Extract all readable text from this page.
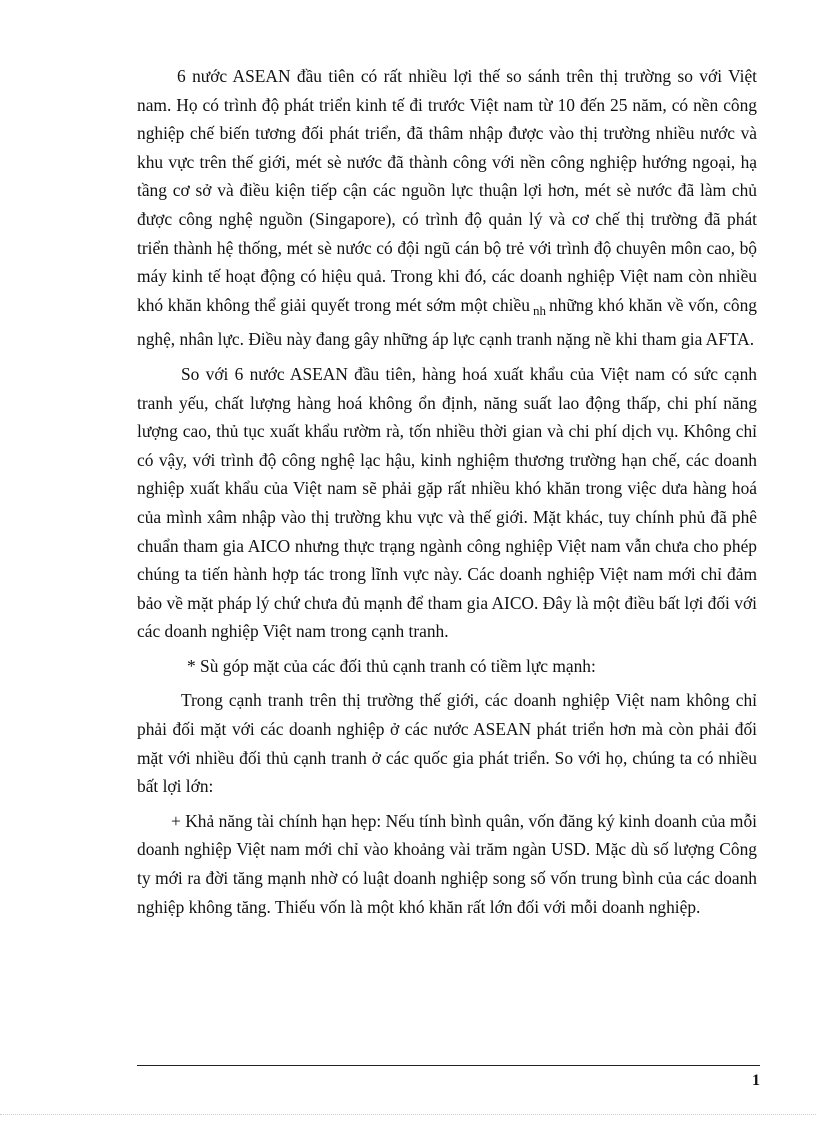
6 nước ASEAN đầu tiên có rất nhiều lợi thế so sánh trên thị trường so với Việt nam. Họ có trình độ phát triển kinh tế đi trước Việt nam từ 10 đến 25 năm, có nền công nghiệp chế biến tương đối phát triển, đã thâm nhập được vào thị trường nhiều nước và khu vực trên thế giới, mét sè nước đã thành công với nền công nghiệp hướng ngoại, hạ tầng cơ sở và điều kiện tiếp cận các nguồn lực thuận lợi hơn, mét sè nước đã làm chủ được công nghệ nguồn (Singapore), có trình độ quản lý và cơ chế thị trường đã phát triển thành hệ thống, mét sè nước có đội ngũ cán bộ trẻ với trình độ chuyên môn cao, bộ máy kinh tế hoạt động có hiệu quả. Trong khi đó, các doanh nghiệp Việt nam còn nhiều khó khăn không thể giải quyết trong mét sớm một chiều $_{nh}$ những khó khăn về vốn, công nghệ, nhân lực. Điều này đang gây những áp lực cạnh tranh nặng nề khi tham gia AFTA.

So với 6 nước ASEAN đầu tiên, hàng hoá xuất khẩu của Việt nam có sức cạnh tranh yếu, chất lượng hàng hoá không ổn định, năng suất lao động thấp, chi phí năng lượng cao, thủ tục xuất khẩu rườm rà, tốn nhiều thời gian và chi phí dịch vụ. Không chỉ có vậy, với trình độ công nghệ lạc hậu, kinh nghiệm thương trường hạn chế, các doanh nghiệp xuất khẩu của Việt nam sẽ phải gặp rất nhiều khó khăn trong việc dưa hàng hoá của mình xâm nhập vào thị trường khu vực và thế giới. Mặt khác, tuy chính phủ đã phê chuẩn tham gia AICO nhưng thực trạng ngành công nghiệp Việt nam vẫn chưa cho phép chúng ta tiến hành hợp tác trong lĩnh vực này. Các doanh nghiệp Việt nam mới chỉ đảm bảo về mặt pháp lý chứ chưa đủ mạnh để tham gia AICO. Đây là một điều bất lợi đối với các doanh nghiệp Việt nam trong cạnh tranh.

* Sù góp mặt của các đối thủ cạnh tranh có tiềm lực mạnh:

Trong cạnh tranh trên thị trường thế giới, các doanh nghiệp Việt nam không chỉ phải đối mặt với các doanh nghiệp ở các nước ASEAN phát triển hơn mà còn phải đối mặt với nhiều đối thủ cạnh tranh ở các quốc gia phát triển. So với họ, chúng ta có nhiều bất lợi lớn:

+ Khả năng tài chính hạn hẹp: Nếu tính bình quân, vốn đăng ký kinh doanh của mỗi doanh nghiệp Việt nam mới chỉ vào khoảng vài trăm ngàn USD. Mặc dù số lượng Công ty mới ra đời tăng mạnh nhờ có luật doanh nghiệp song số vốn trung bình của các doanh nghiệp không tăng. Thiếu vốn là một khó khăn rất lớn đối với mỗi doanh nghiệp.

1
